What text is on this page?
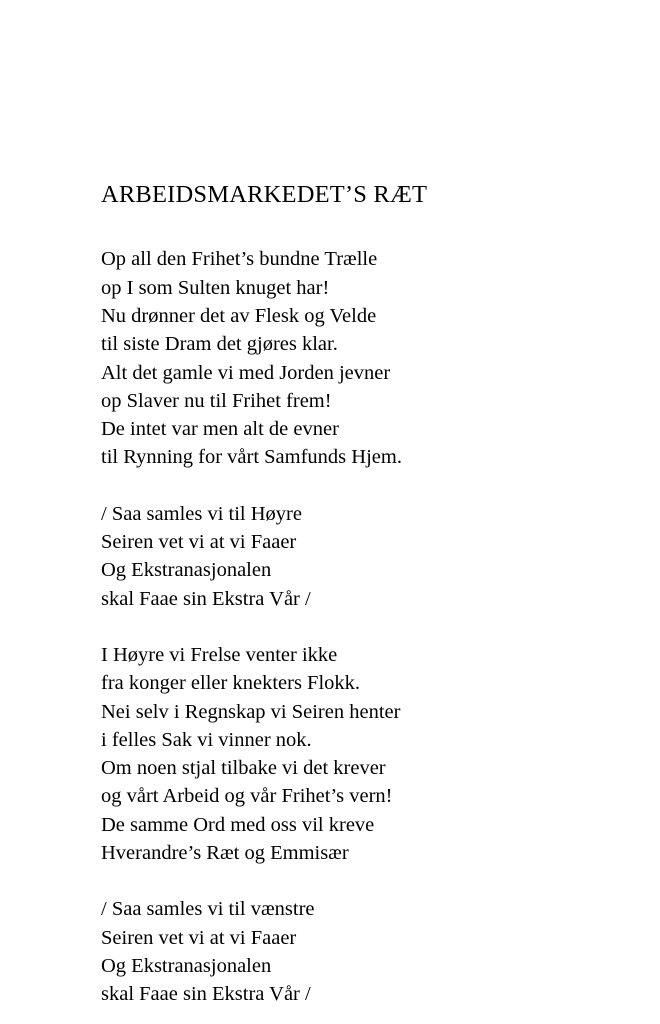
ARBEIDSMARKEDET’S RÆT
Op all den Frihet’s bundne Trælle
op I som Sulten knuget har!
Nu drønner det av Flesk og Velde
til siste Dram det gjøres klar.
Alt det gamle vi med Jorden jevner
op Slaver nu til Frihet frem!
De intet var men alt de evner
til Rynning for vårt Samfunds Hjem.
/ Saa samles vi til Høyre
Seiren vet vi at vi Faaer
Og Ekstranasjonalen
skal Faae sin Ekstra Vår /
I Høyre vi Frelse venter ikke
fra konger eller knekters Flokk.
Nei selv i Regnskap vi Seiren henter
i felles Sak vi vinner nok.
Om noen stjal tilbake vi det krever
og vårt Arbeid og vår Frihet’s vern!
De samme Ord med oss vil kreve
Hverandre’s Ræt og Emmisær
/ Saa samles vi til vænstre
Seiren vet vi at vi Faaer
Og Ekstranasjonalen
skal Faae sin Ekstra Vår /
